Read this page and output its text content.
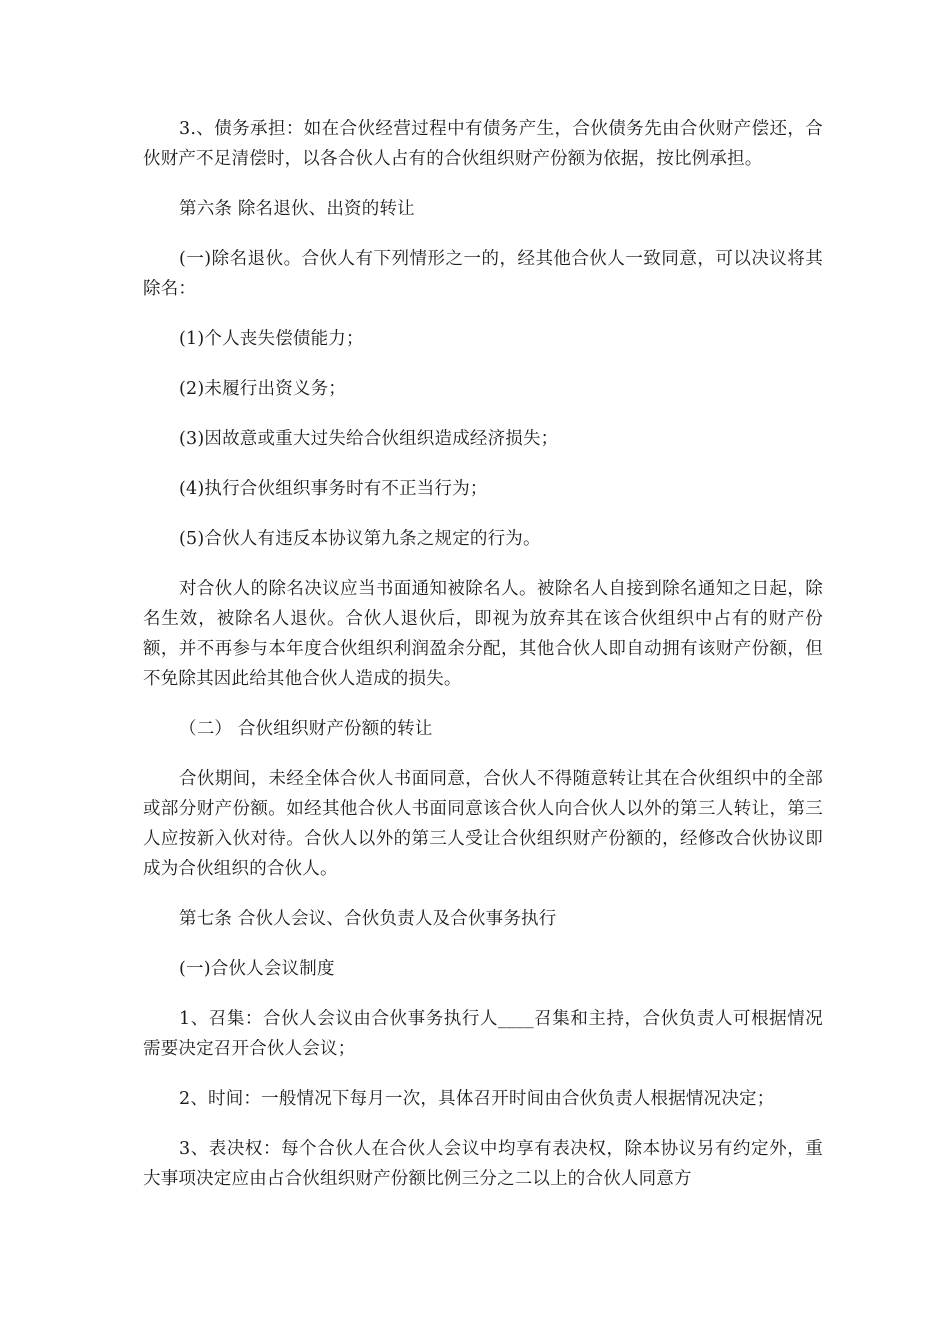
3.、债务承担：如在合伙经营过程中有债务产生，合伙债务先由合伙财产偿还，合伙财产不足清偿时，以各合伙人占有的合伙组织财产份额为依据，按比例承担。

第六条 除名退伙、出资的转让

(一)除名退伙。合伙人有下列情形之一的，经其他合伙人一致同意，可以决议将其除名：

(1)个人丧失偿债能力；

(2)未履行出资义务；

(3)因故意或重大过失给合伙组织造成经济损失；

(4)执行合伙组织事务时有不正当行为；

(5)合伙人有违反本协议第九条之规定的行为。

对合伙人的除名决议应当书面通知被除名人。被除名人自接到除名通知之日起，除名生效，被除名人退伙。合伙人退伙后，即视为放弃其在该合伙组织中占有的财产份额，并不再参与本年度合伙组织利润盈余分配，其他合伙人即自动拥有该财产份额，但不免除其因此给其他合伙人造成的损失。

（二） 合伙组织财产份额的转让

合伙期间，未经全体合伙人书面同意，合伙人不得随意转让其在合伙组织中的全部或部分财产份额。如经其他合伙人书面同意该合伙人向合伙人以外的第三人转让，第三人应按新入伙对待。合伙人以外的第三人受让合伙组织财产份额的，经修改合伙协议即成为合伙组织的合伙人。

第七条 合伙人会议、合伙负责人及合伙事务执行

(一)合伙人会议制度

1、召集：合伙人会议由合伙事务执行人____召集和主持，合伙负责人可根据情况需要决定召开合伙人会议；

2、时间：一般情况下每月一次，具体召开时间由合伙负责人根据情况决定；

3、表决权：每个合伙人在合伙人会议中均享有表决权，除本协议另有约定外，重大事项决定应由占合伙组织财产份额比例三分之二以上的合伙人同意方
